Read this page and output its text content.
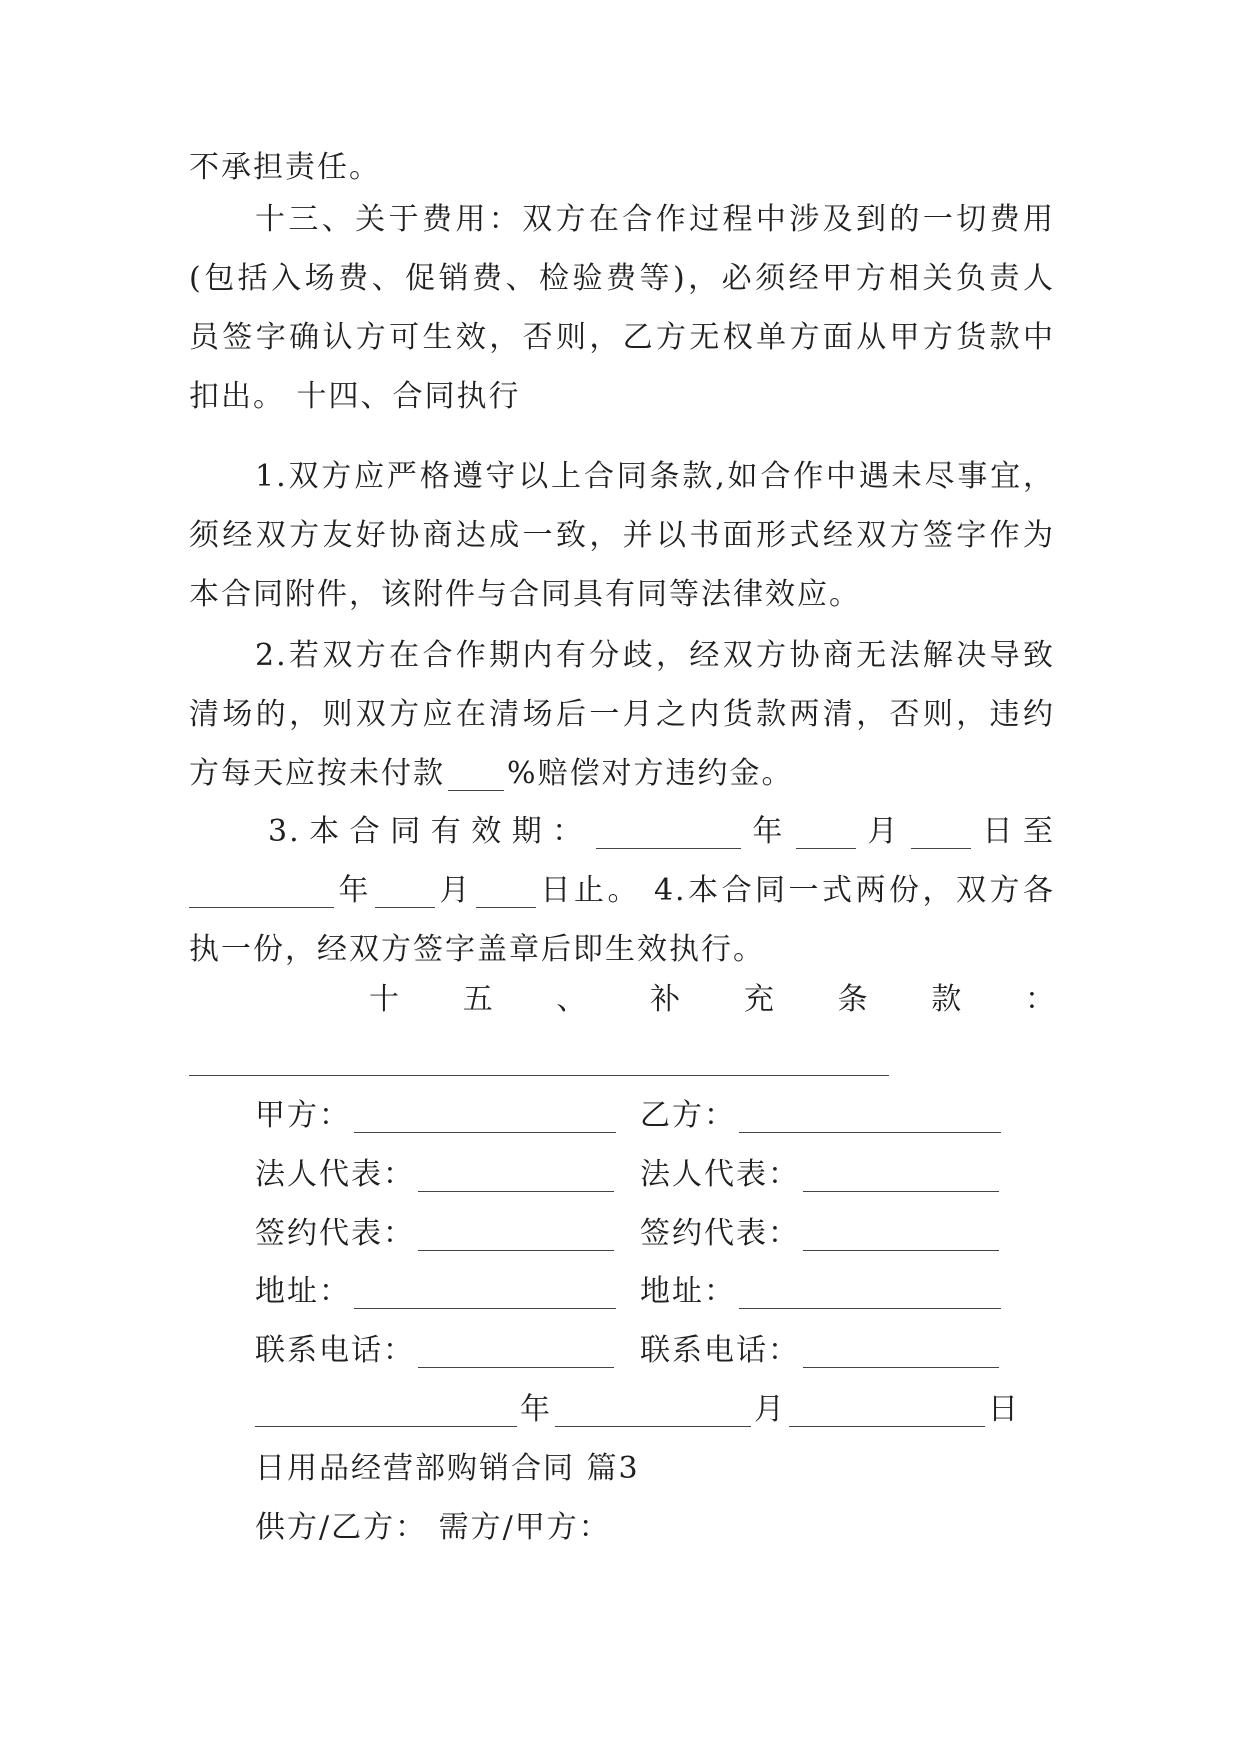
不承担责任。
十三、关于费用：双方在合作过程中涉及到的一切费用
(包括入场费、促销费、检验费等)，必须经甲方相关负责人
员签字确认方可生效，否则，乙方无权单方面从甲方货款中
扣出。 十四、合同执行
1.双方应严格遵守以上合同条款,如合作中遇未尽事宜，
须经双方友好协商达成一致，并以书面形式经双方签字作为
本合同附件，该附件与合同具有同等法律效应。
2.若双方在合作期内有分歧，经双方协商无法解决导致
清场的，则双方应在清场后一月之内货款两清，否则，违约
方每天应按未付款 %赔偿对方违约金。
3.本合同有效期：	年 月 日至
年 月 日止。 4.本合同一式两份，双方各
执一份，经双方签字盖章后即生效执行。
十五、补充条款：
甲方：	乙方：
法人代表：	法人代表：
签约代表：	签约代表：
地址：	地址：
联系电话：	联系电话：
年	月	日
日用品经营部购销合同 篇3
供方/乙方： 需方/甲方：
